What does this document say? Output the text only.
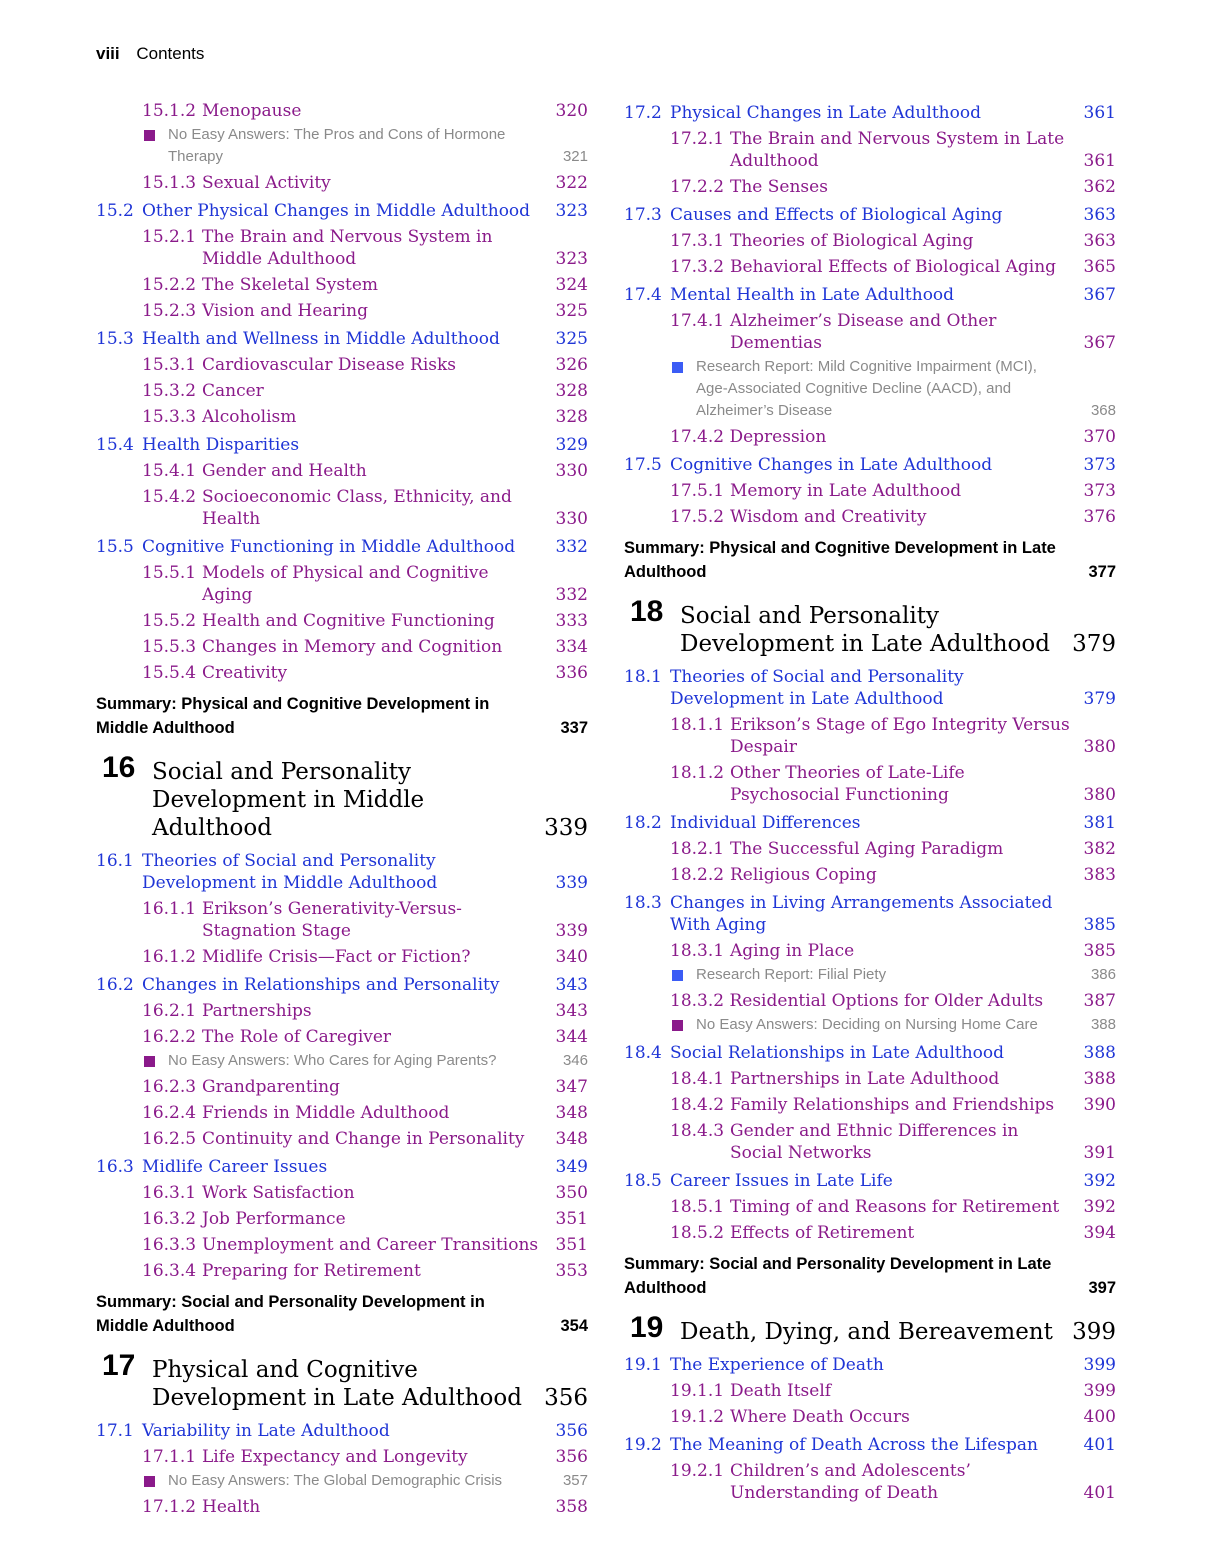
viii Contents
15.1.2 Menopause	320
No Easy Answers: The Pros and Cons of Hormone Therapy	321
15.1.3 Sexual Activity	322
15.2 Other Physical Changes in Middle Adulthood	323
15.2.1 The Brain and Nervous System in Middle Adulthood	323
15.2.2 The Skeletal System	324
15.2.3 Vision and Hearing	325
15.3 Health and Wellness in Middle Adulthood	325
15.3.1 Cardiovascular Disease Risks	326
15.3.2 Cancer	328
15.3.3 Alcoholism	328
15.4 Health Disparities	329
15.4.1 Gender and Health	330
15.4.2 Socioeconomic Class, Ethnicity, and Health	330
15.5 Cognitive Functioning in Middle Adulthood	332
15.5.1 Models of Physical and Cognitive Aging	332
15.5.2 Health and Cognitive Functioning	333
15.5.3 Changes in Memory and Cognition	334
15.5.4 Creativity	336
Summary: Physical and Cognitive Development in Middle Adulthood	337
16 Social and Personality Development in Middle Adulthood	339
16.1 Theories of Social and Personality Development in Middle Adulthood	339
16.1.1 Erikson’s Generativity-Versus-Stagnation Stage	339
16.1.2 Midlife Crisis—Fact or Fiction?	340
16.2 Changes in Relationships and Personality	343
16.2.1 Partnerships	343
16.2.2 The Role of Caregiver	344
No Easy Answers: Who Cares for Aging Parents?	346
16.2.3 Grandparenting	347
16.2.4 Friends in Middle Adulthood	348
16.2.5 Continuity and Change in Personality	348
16.3 Midlife Career Issues	349
16.3.1 Work Satisfaction	350
16.3.2 Job Performance	351
16.3.3 Unemployment and Career Transitions	351
16.3.4 Preparing for Retirement	353
Summary: Social and Personality Development in Middle Adulthood	354
17 Physical and Cognitive Development in Late Adulthood 356
17.1 Variability in Late Adulthood	356
17.1.1 Life Expectancy and Longevity	356
No Easy Answers: The Global Demographic Crisis	357
17.1.2 Health	358
17.2 Physical Changes in Late Adulthood	361
17.2.1 The Brain and Nervous System in Late Adulthood	361
17.2.2 The Senses	362
17.3 Causes and Effects of Biological Aging	363
17.3.1 Theories of Biological Aging	363
17.3.2 Behavioral Effects of Biological Aging	365
17.4 Mental Health in Late Adulthood	367
17.4.1 Alzheimer’s Disease and Other Dementias	367
Research Report: Mild Cognitive Impairment (MCI), Age-Associated Cognitive Decline (AACD), and Alzheimer’s Disease	368
17.4.2 Depression	370
17.5 Cognitive Changes in Late Adulthood	373
17.5.1 Memory in Late Adulthood	373
17.5.2 Wisdom and Creativity	376
Summary: Physical and Cognitive Development in Late Adulthood	377
18 Social and Personality Development in Late Adulthood 379
18.1 Theories of Social and Personality Development in Late Adulthood	379
18.1.1 Erikson’s Stage of Ego Integrity Versus Despair	380
18.1.2 Other Theories of Late-Life Psychosocial Functioning	380
18.2 Individual Differences	381
18.2.1 The Successful Aging Paradigm	382
18.2.2 Religious Coping	383
18.3 Changes in Living Arrangements Associated With Aging	385
18.3.1 Aging in Place	385
Research Report: Filial Piety	386
18.3.2 Residential Options for Older Adults	387
No Easy Answers: Deciding on Nursing Home Care	388
18.4 Social Relationships in Late Adulthood	388
18.4.1 Partnerships in Late Adulthood	388
18.4.2 Family Relationships and Friendships	390
18.4.3 Gender and Ethnic Differences in Social Networks	391
18.5 Career Issues in Late Life	392
18.5.1 Timing of and Reasons for Retirement	392
18.5.2 Effects of Retirement	394
Summary: Social and Personality Development in Late Adulthood	397
19 Death, Dying, and Bereavement 399
19.1 The Experience of Death	399
19.1.1 Death Itself	399
19.1.2 Where Death Occurs	400
19.2 The Meaning of Death Across the Lifespan	401
19.2.1 Children’s and Adolescents’ Understanding of Death	401
